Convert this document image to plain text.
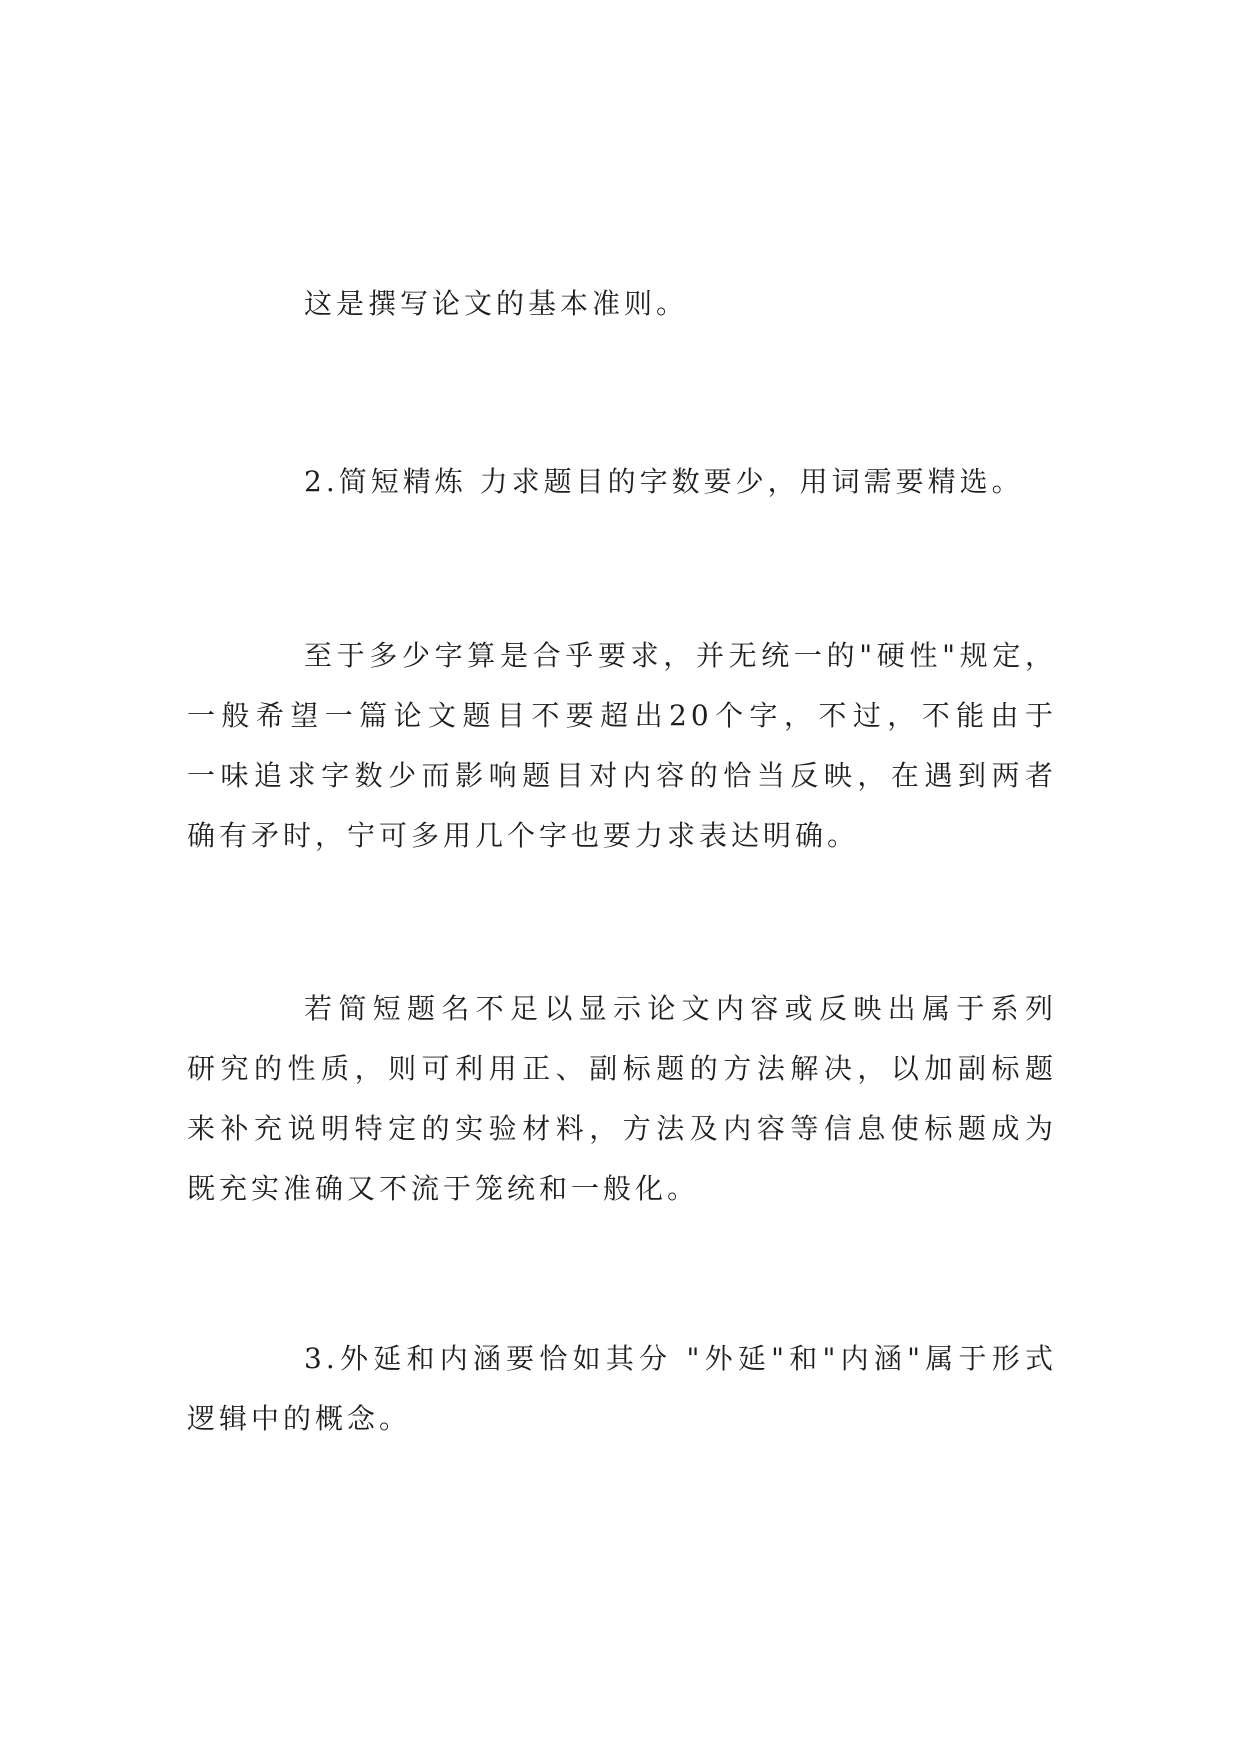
这是撰写论文的基本准则。
2.简短精炼 力求题目的字数要少，用词需要精选。
至于多少字算是合乎要求，并无统一的"硬性"规定，
一般希望一篇论文题目不要超出20个字，不过，不能由于
一味追求字数少而影响题目对内容的恰当反映，在遇到两者
确有矛时，宁可多用几个字也要力求表达明确。
若简短题名不足以显示论文内容或反映出属于系列
研究的性质，则可利用正、副标题的方法解决，以加副标题
来补充说明特定的实验材料，方法及内容等信息使标题成为
既充实准确又不流于笼统和一般化。
3.外延和内涵要恰如其分 "外延"和"内涵"属于形式
逻辑中的概念。
